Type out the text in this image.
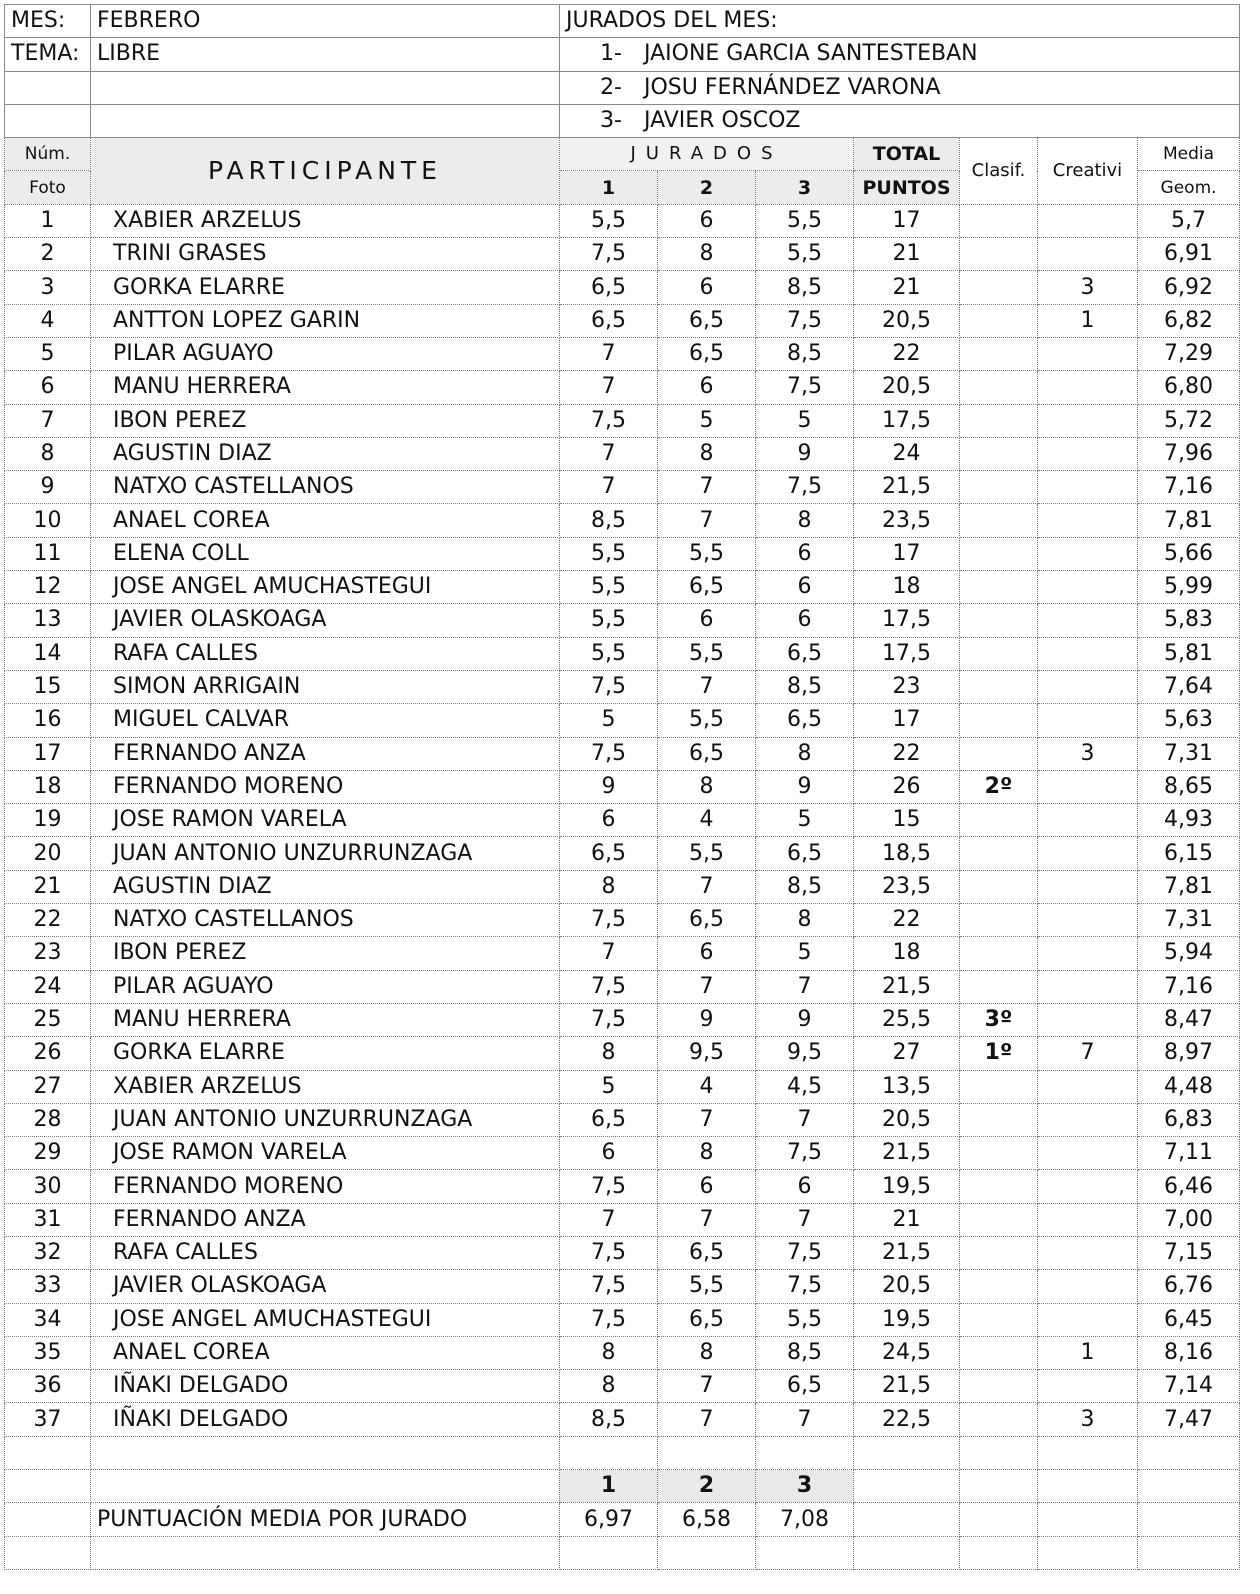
MES:	FEBRERO	JURADOS DEL MES:						
TEMA:	LIBRE	1- JAIONE GARCIA SANTESTEBAN						
		2- JOSU FERNÁNDEZ VARONA						
		3- JAVIER OSCOZ						
Núm.	PARTICIPANTE	JURADOS			TOTAL	Clasif.	Creativi	Media
Foto		1	2	3	PUNTOS			Geom.
1	XABIER ARZELUS	5,5	6	5,5	17			5,7
2	TRINI GRASES	7,5	8	5,5	21			6,91
3	GORKA ELARRE	6,5	6	8,5	21		3	6,92
4	ANTTON LOPEZ GARIN	6,5	6,5	7,5	20,5		1	6,82
5	PILAR AGUAYO	7	6,5	8,5	22			7,29
6	MANU HERRERA	7	6	7,5	20,5			6,80
7	IBON PEREZ	7,5	5	5	17,5			5,72
8	AGUSTIN DIAZ	7	8	9	24			7,96
9	NATXO CASTELLANOS	7	7	7,5	21,5			7,16
10	ANAEL COREA	8,5	7	8	23,5			7,81
11	ELENA COLL	5,5	5,5	6	17			5,66
12	JOSE ANGEL AMUCHASTEGUI	5,5	6,5	6	18			5,99
13	JAVIER OLASKOAGA	5,5	6	6	17,5			5,83
14	RAFA CALLES	5,5	5,5	6,5	17,5			5,81
15	SIMON ARRIGAIN	7,5	7	8,5	23			7,64
16	MIGUEL CALVAR	5	5,5	6,5	17			5,63
17	FERNANDO ANZA	7,5	6,5	8	22		3	7,31
18	FERNANDO MORENO	9	8	9	26	2º		8,65
19	JOSE RAMON VARELA	6	4	5	15			4,93
20	JUAN ANTONIO UNZURRUNZAGA	6,5	5,5	6,5	18,5			6,15
21	AGUSTIN DIAZ	8	7	8,5	23,5			7,81
22	NATXO CASTELLANOS	7,5	6,5	8	22			7,31
23	IBON PEREZ	7	6	5	18			5,94
24	PILAR AGUAYO	7,5	7	7	21,5			7,16
25	MANU HERRERA	7,5	9	9	25,5	3º		8,47
26	GORKA ELARRE	8	9,5	9,5	27	1º	7	8,97
27	XABIER ARZELUS	5	4	4,5	13,5			4,48
28	JUAN ANTONIO UNZURRUNZAGA	6,5	7	7	20,5			6,83
29	JOSE RAMON VARELA	6	8	7,5	21,5			7,11
30	FERNANDO MORENO	7,5	6	6	19,5			6,46
31	FERNANDO ANZA	7	7	7	21			7,00
32	RAFA CALLES	7,5	6,5	7,5	21,5			7,15
33	JAVIER OLASKOAGA	7,5	5,5	7,5	20,5			6,76
34	JOSE ANGEL AMUCHASTEGUI	7,5	6,5	5,5	19,5			6,45
35	ANAEL COREA	8	8	8,5	24,5		1	8,16
36	IÑAKI DELGADO	8	7	6,5	21,5			7,14
37	IÑAKI DELGADO	8,5	7	7	22,5		3	7,47

		1	2	3				
	PUNTUACIÓN MEDIA POR JURADO	6,97	6,58	7,08				
